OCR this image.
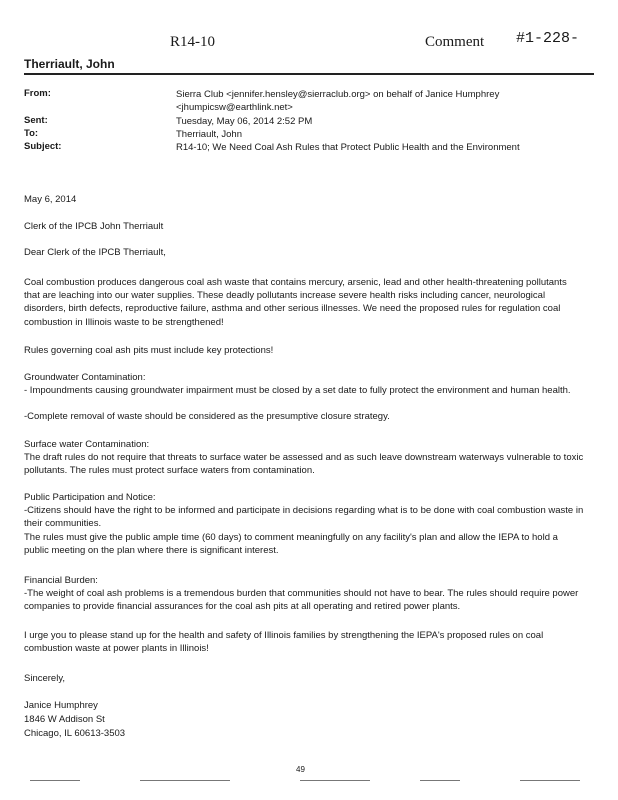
R14-10	Comment #1-228-
Therriault, John
From:	Sierra Club <jennifer.hensley@sierraclub.org> on behalf of Janice Humphrey <jhumpicsw@earthlink.net>
Sent:	Tuesday, May 06, 2014 2:52 PM
To:	Therriault, John
Subject:	R14-10; We Need Coal Ash Rules that Protect Public Health and the Environment

May 6, 2014

Clerk of the IPCB John Therriault

Dear Clerk of the IPCB Therriault,

Coal combustion produces dangerous coal ash waste that contains mercury, arsenic, lead and other health-threatening pollutants that are leaching into our water supplies. These deadly pollutants increase severe health risks including cancer, neurological disorders, birth defects, reproductive failure, asthma and other serious illnesses. We need the proposed rules for regulation coal combustion in Illinois waste to be strengthened!

Rules governing coal ash pits must include key protections!

Groundwater Contamination:

- Impoundments causing groundwater impairment must be closed by a set date to fully protect the environment and human health.

-Complete removal of waste should be considered as the presumptive closure strategy.

Surface water Contamination:

The draft rules do not require that threats to surface water be assessed and as such leave downstream waterways vulnerable to toxic pollutants. The rules must protect surface waters from contamination.

Public Participation and Notice:

-Citizens should have the right to be informed and participate in decisions regarding what is to be done with coal combustion waste in their communities.

The rules must give the public ample time (60 days) to comment meaningfully on any facility's plan and allow the IEPA to hold a public meeting on the plan where there is significant interest.

Financial Burden:

-The weight of coal ash problems is a tremendous burden that communities should not have to bear. The rules should require power companies to provide financial assurances for the coal ash pits at all operating and retired power plants.

I urge you to please stand up for the health and safety of Illinois families by strengthening the IEPA's proposed rules on coal combustion waste at power plants in Illinois!

Sincerely,

Janice Humphrey

1846 W Addison St

Chicago, IL 60613-3503

49
